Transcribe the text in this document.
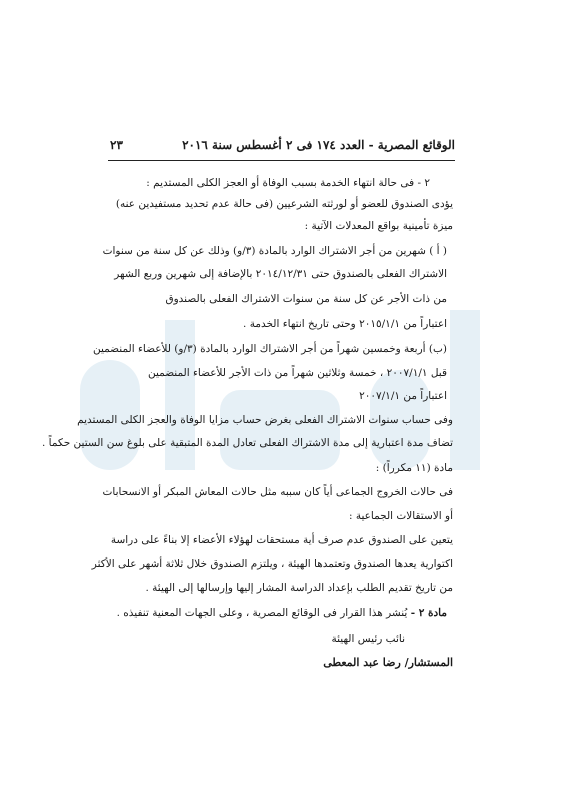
الوقائع المصرية - العدد ١٧٤ فى ٢ أغسطس سنة ٢٠١٦
٢٣
٢ - فى حالة انتهاء الخدمة بسبب الوفاة أو العجز الكلى المستديم :
يؤدى الصندوق للعضو أو لورثته الشرعيين (فى حالة عدم تحديد مستفيدين عنه)
ميزة تأمينية بواقع المعدلات الآتية :
( أ ) شهرين من أجر الاشتراك الوارد بالمادة (٣/و) وذلك عن كل سنة من سنوات
الاشتراك الفعلى بالصندوق حتى ٢٠١٤/١٢/٣١ بالإضافة إلى شهرين وربع الشهر
من ذات الأجر عن كل سنة من سنوات الاشتراك الفعلى بالصندوق
اعتباراً من ٢٠١٥/١/١ وحتى تاريخ انتهاء الخدمة .
(ب) أربعة وخمسين شهراً من أجر الاشتراك الوارد بالمادة (٣/و) للأعضاء المنضمين
قبل ٢٠٠٧/١/١ ، خمسة وثلاثين شهراً من ذات الأجر للأعضاء المنضمين
اعتباراً من ٢٠٠٧/١/١
وفى حساب سنوات الاشتراك الفعلى بغرض حساب مزايا الوفاة والعجز الكلى المستديم
تضاف مدة اعتبارية إلى مدة الاشتراك الفعلى تعادل المدة المتبقية على بلوغ سن الستين حكماً .
مادة (١١ مكرراً) :
فى حالات الخروج الجماعى أياً كان سببه مثل حالات المعاش المبكر أو الانسحابات
أو الاستقالات الجماعية :
يتعين على الصندوق عدم صرف أية مستحقات لهؤلاء الأعضاء إلا بناءً على دراسة
اكتوارية يعدها الصندوق وتعتمدها الهيئة ، ويلتزم الصندوق خلال ثلاثة أشهر على الأكثر
من تاريخ تقديم الطلب بإعداد الدراسة المشار إليها وإرسالها إلى الهيئة .
مادة ٢ - يُنشر هذا القرار فى الوقائع المصرية ، وعلى الجهات المعنية تنفيذه .
نائب رئيس الهيئة
المستشار/ رضا عبد المعطى
